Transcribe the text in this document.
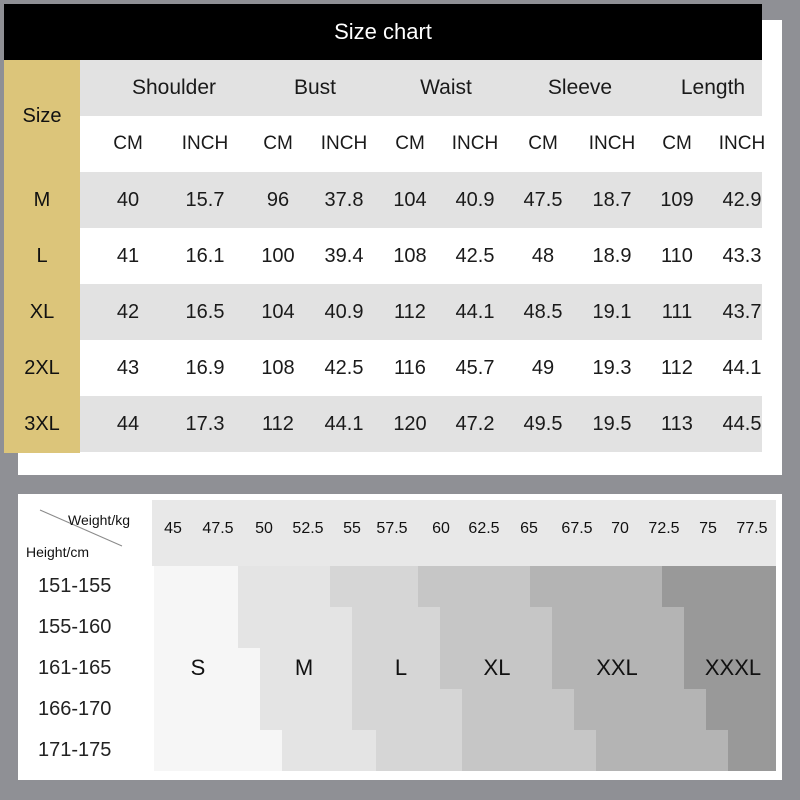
Size chart
Size
Shoulder	Bust	Waist	Sleeve	Length
CM	INCH	CM	INCH	CM	INCH	CM	INCH	CM	INCH
M	40	15.7	96	37.8	104	40.9	47.5	18.7	109	42.9
L	41	16.1	100	39.4	108	42.5	48	18.9	110	43.3
XL	42	16.5	104	40.9	112	44.1	48.5	19.1	111	43.7
2XL	43	16.9	108	42.5	116	45.7	49	19.3	112	44.1
3XL	44	17.3	112	44.1	120	47.2	49.5	19.5	113	44.5
Weight/kg
Height/cm
45 47.5 50 52.5 55 57.5 60 62.5 65 67.5 70 72.5 75 77.5
151-155
155-160
161-165
166-170
171-175
S	M	L	XL	XXL	XXXL
